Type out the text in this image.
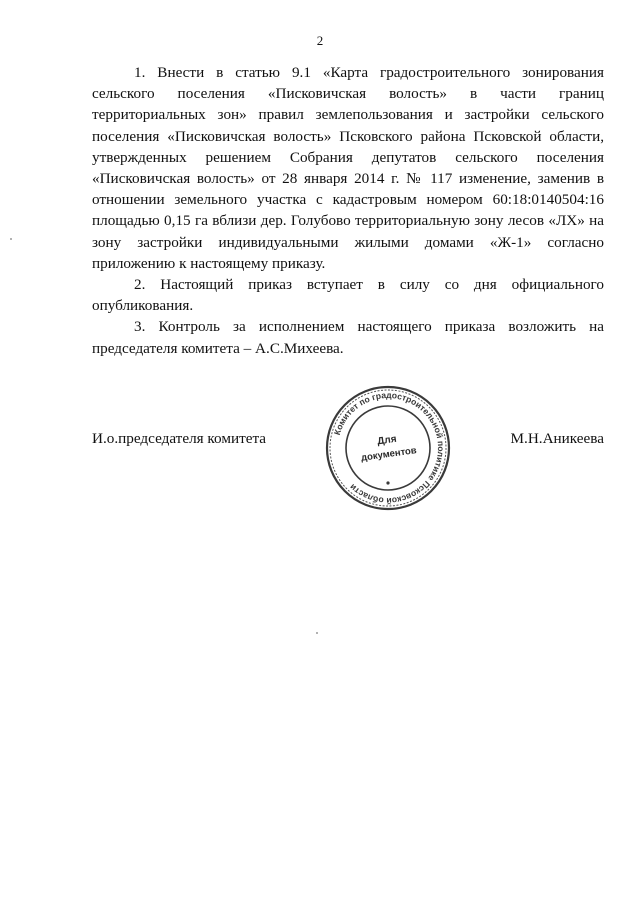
2

1. Внести в статью 9.1 «Карта градостроительного зонирования сельского поселения «Писковичская волость» в части границ территориальных зон» правил землепользования и застройки сельского поселения «Писковичская волость» Псковского района Псковской области, утвержденных решением Собрания депутатов сельского поселения «Писковичская волость» от 28 января 2014 г. № 117 изменение, заменив в отношении земельного участка с кадастровым номером 60:18:0140504:16 площадью 0,15 га вблизи дер. Голубово территориальную зону лесов «ЛХ» на зону застройки индивидуальными жилыми домами «Ж-1» согласно приложению к настоящему приказу.

2. Настоящий приказ вступает в силу со дня официального опубликования.

3. Контроль за исполнением настоящего приказа возложить на председателя комитета – А.С.Михеева.

И.о.председателя комитета	М.Н.Аникеева
Комитет по градостроительной политике Псковской области
Для
документов
